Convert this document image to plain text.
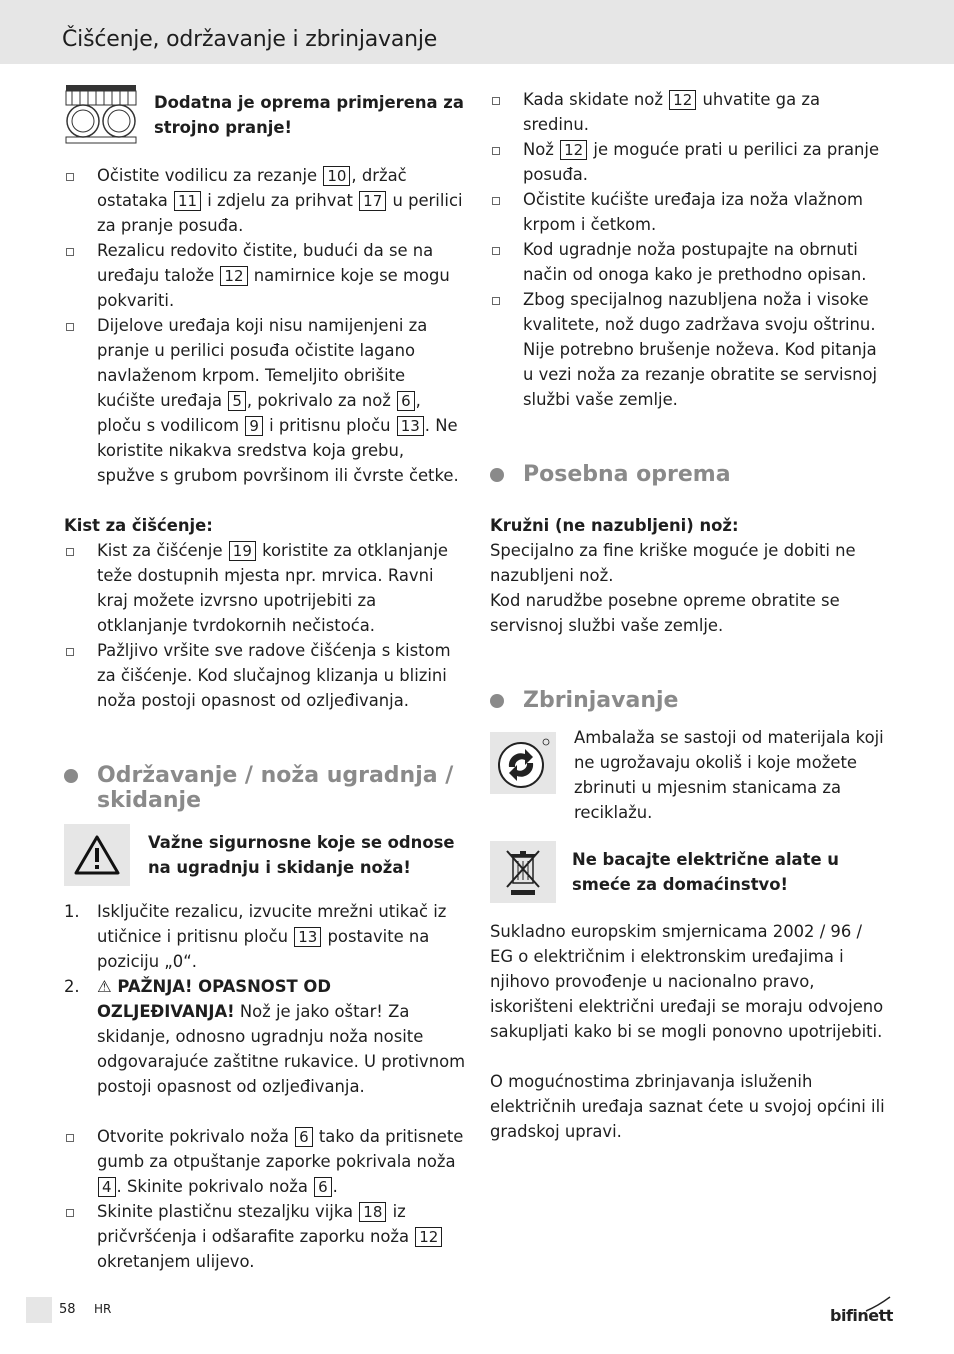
Čišćenje, održavanje i zbrinjavanje

Dodatna je oprema primjerena za strojno pranje!

Očistite vodilicu za rezanje 10 , držač ostataka 11 i zdjelu za prihvat 17 u perilici za pranje posuđa.
Rezalicu redovito čistite, budući da se na uređaju talože 12 namirnice koje se mogu pokvariti.
Dijelove uređaja koji nisu namijenjeni za pranje u perilici posuđa očistite lagano navlaženom krpom. Temeljito obrišite kućište uređaja 5 , pokrivalo za nož 6 , ploču s vodilicom 9 i pritisnu ploču 13 . Ne koristite nikakva sredstva koja grebu, spužve s grubom površinom ili čvrste četke.

Kist za čišćenje:

Kist za čišćenje 19 koristite za otklanjanje teže dostupnih mjesta npr. mrvica. Ravni kraj možete izvrsno upotrijebiti za otklanjanje tvrdokornih nečistoća.
Pažljivo vršite sve radove čišćenja s kistom za čišćenje. Kod slučajnog klizanja u blizini noža postoji opasnost od ozljeđivanja.
Održavanje / noža ugradnja / skidanje

Važne sigurnosne koje se odnose na ugradnju i skidanje noža!

1. Isključite rezalicu, izvucite mrežni utikač iz utičnice i pritisnu ploču 13 postavite na poziciju „0“.
2. ⚠ PAŽNJA! OPASNOST OD OZLJEĐIVANJA! Nož je jako oštar! Za skidanje, odnosno ugradnju noža nosite odgovarajuće zaštitne rukavice. U protivnom postoji opasnost od ozljeđivanja.
Otvorite pokrivalo noža 6 tako da pritisnete gumb za otpuštanje zaporke pokrivala noža 4 . Skinite pokrivalo noža 6 .
Skinite plastičnu stezaljku vijka 18 iz pričvršćenja i odšarafite zaporku noža 12 okretanjem ulijevo.
Kada skidate nož 12 uhvatite ga za sredinu.
Nož 12 je moguće prati u perilici za pranje posuđa.
Očistite kućište uređaja iza noža vlažnom krpom i četkom.
Kod ugradnje noža postupajte na obrnuti način od onoga kako je prethodno opisan.
Zbog specijalnog nazubljena noža i visoke kvalitete, nož dugo zadržava svoju oštrinu. Nije potrebno brušenje noževa. Kod pitanja u vezi noža za rezanje obratite se servisnoj službi vaše zemlje.
Posebna oprema

Kružni (ne nazubljeni) nož:

Specijalno za fine kriške moguće je dobiti ne nazubljeni nož.

Kod narudžbe posebne opreme obratite se servisnoj službi vaše zemlje.

Zbrinjavanje

Ambalaža se sastoji od materijala koji ne ugrožavaju okoliš i koje možete zbrinuti u mjesnim stanicama za reciklažu.

Ne bacajte električne alate u smeće za domaćinstvo!

Sukladno europskim smjernicama 2002 / 96 / EG o električnim i elektronskim uređajima i njihovo provođenje u nacionalno pravo, iskorišteni električni uređaji se moraju odvojeno sakupljati kako bi se mogli ponovno upotrijebiti.

O mogućnostima zbrinjavanja isluženih električnih uređaja saznat ćete u svojoj općini ili gradskoj upravi.

58 HR	bifinett
